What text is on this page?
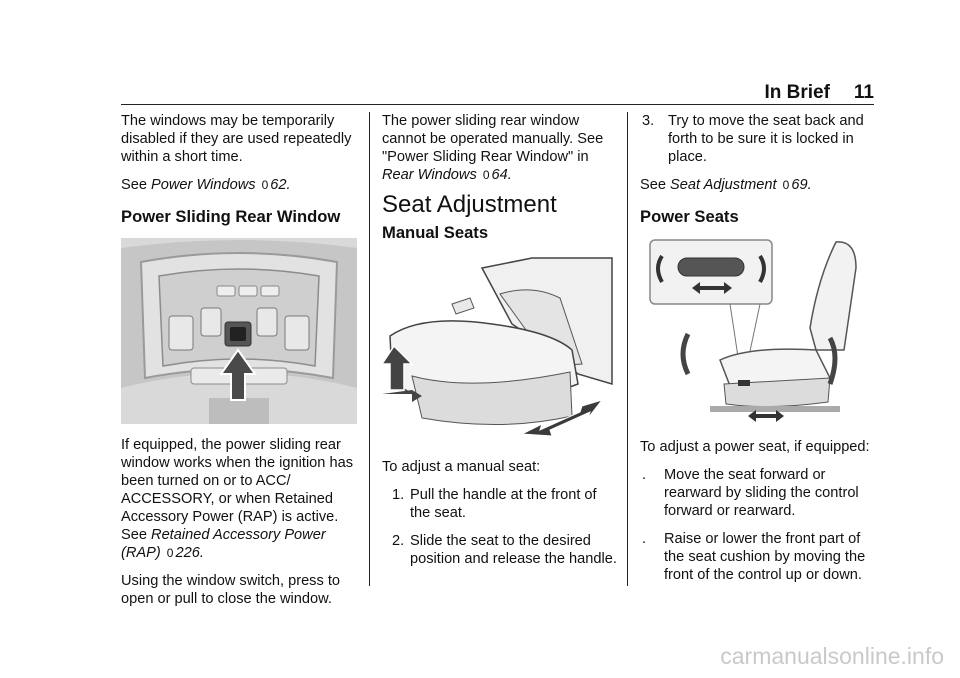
In Brief 11

The windows may be temporarily disabled if they are used repeatedly within a short time.

See Power Windows 0 62.

Power Sliding Rear Window

If equipped, the power sliding rear window works when the ignition has been turned on or to ACC/ ACCESSORY, or when Retained Accessory Power (RAP) is active.

See Retained Accessory Power (RAP) 0 226.

Using the window switch, press to open or pull to close the window.

The power sliding rear window cannot be operated manually. See "Power Sliding Rear Window" in
Rear Windows 0 64.

Seat Adjustment
Manual Seats

To adjust a manual seat:

1. Pull the handle at the front of the seat.
2. Slide the seat to the desired position and release the handle.
3. Try to move the seat back and forth to be sure it is locked in place.

See Seat Adjustment 0 69.

Power Seats

To adjust a power seat, if equipped:

. Move the seat forward or rearward by sliding the control forward or rearward.
. Raise or lower the front part of the seat cushion by moving the front of the control up or down.
carmanualsonline.info
